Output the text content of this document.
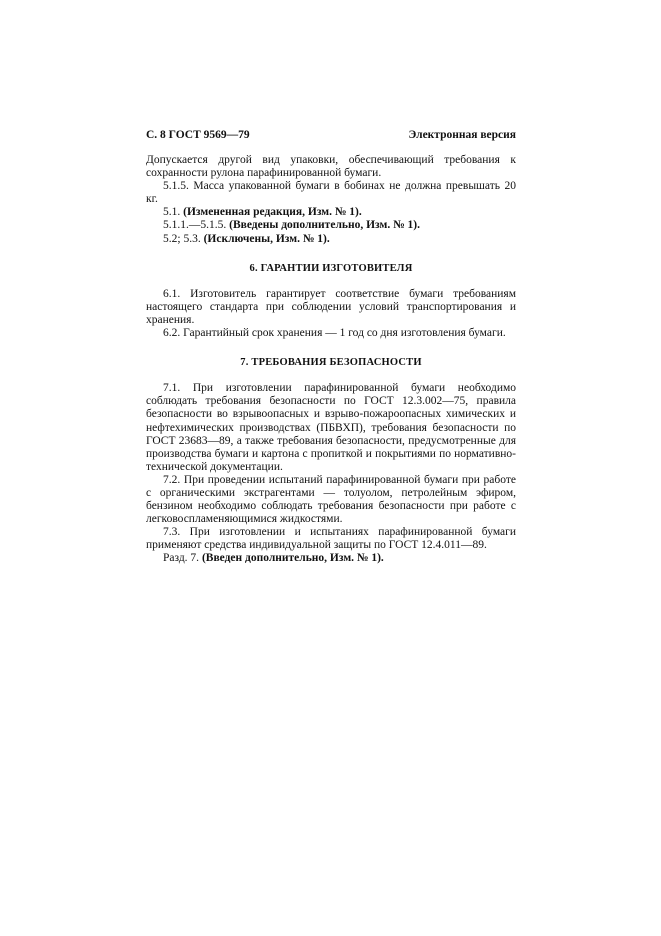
С. 8 ГОСТ 9569—79	Электронная версия

Допускается другой вид упаковки, обеспечивающий требования к сохранности рулона парафинированной бумаги.

5.1.5. Масса упакованной бумаги в бобинах не должна превышать 20 кг.

5.1. (Измененная редакция, Изм. № 1).

5.1.1.—5.1.5. (Введены дополнительно, Изм. № 1).

5.2; 5.3. (Исключены, Изм. № 1).

6. ГАРАНТИИ ИЗГОТОВИТЕЛЯ

6.1. Изготовитель гарантирует соответствие бумаги требованиям настоящего стандарта при соблюдении условий транспортирования и хранения.

6.2. Гарантийный срок хранения — 1 год со дня изготовления бумаги.

7. ТРЕБОВАНИЯ БЕЗОПАСНОСТИ

7.1. При изготовлении парафинированной бумаги необходимо соблюдать требования безопасности по ГОСТ 12.3.002—75, правила безопасности во взрывоопасных и взрыво-пожароопасных химических и нефтехимических производствах (ПБВХП), требования безопасности по ГОСТ 23683—89, а также требования безопасности, предусмотренные для производства бумаги и картона с пропиткой и покрытиями по нормативно-технической документации.

7.2. При проведении испытаний парафинированной бумаги при работе с органическими экстрагентами — толуолом, петролейным эфиром, бензином необходимо соблюдать требования безопасности при работе с легковоспламеняющимися жидкостями.

7.3. При изготовлении и испытаниях парафинированной бумаги применяют средства индивидуальной защиты по ГОСТ 12.4.011—89.

Разд. 7. (Введен дополнительно, Изм. № 1).
